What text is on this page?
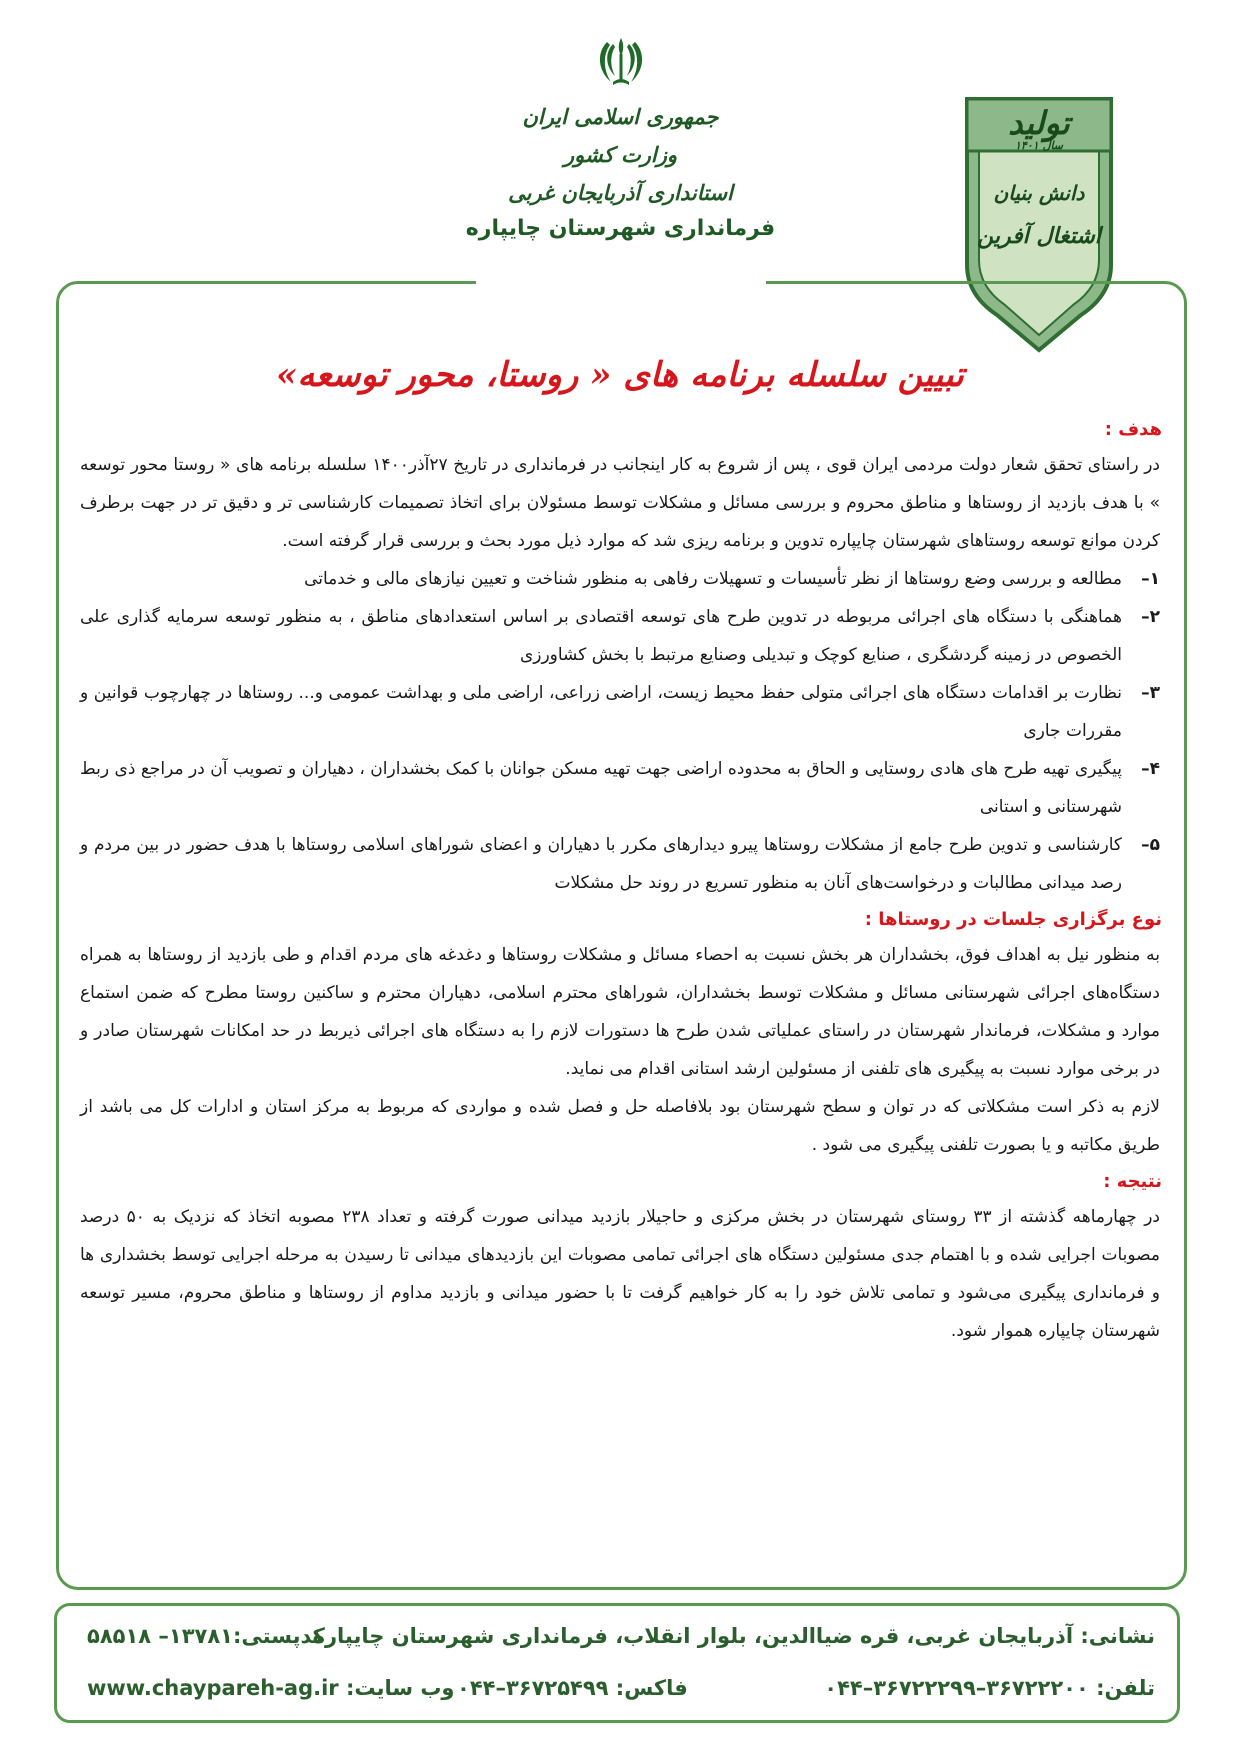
جمهوری اسلامی ایران
وزارت کشور
استانداری آذربایجان غربی
فرمانداری شهرستان چایپاره
تولید
سال ۱۴۰۱
دانش بنیان
اشتغال آفرین
تبیین سلسله برنامه های « روستا، محور توسعه»
هدف :
در راستای تحقق شعار دولت مردمی ایران قوی ، پس از شروع به کار اینجانب در فرمانداری در تاریخ ۲۷آذر۱۴۰۰ سلسله برنامه های « روستا محور توسعه » با هدف بازدید از روستاها و مناطق محروم و بررسی مسائل و مشکلات توسط مسئولان برای اتخاذ تصمیمات کارشناسی تر و دقیق تر در جهت برطرف کردن موانع توسعه روستاهای شهرستان چایپاره تدوین و برنامه ریزی شد که موارد ذیل مورد بحث و بررسی قرار گرفته است.
۱–
مطالعه و بررسی وضع روستاها از نظر تأسیسات و تسهیلات رفاهی به منظور شناخت و تعیین نیازهای مالی و خدماتی
۲–
هماهنگی با دستگاه های اجرائی مربوطه در تدوین طرح های توسعه اقتصادی بر اساس استعدادهای مناطق ، به منظور توسعه سرمایه گذاری علی الخصوص در زمینه گردشگری ، صنایع کوچک و تبدیلی وصنایع مرتبط با بخش کشاورزی
۳–
نظارت بر اقدامات دستگاه های اجرائی متولی حفظ محیط زیست، اراضی زراعی، اراضی ملی و بهداشت عمومی و... روستاها در چهارچوب قوانین و مقررات جاری
۴–
پیگیری تهیه طرح های هادی روستایی و الحاق به محدوده اراضی جهت تهیه مسکن جوانان با کمک بخشداران ، دهیاران و تصویب آن در مراجع ذی ربط شهرستانی و استانی
۵–
کارشناسی و تدوین طرح جامع از مشکلات روستاها پیرو دیدارهای مکرر با دهیاران و اعضای شوراهای اسلامی روستاها با هدف حضور در بین مردم و رصد میدانی مطالبات و درخواست‌های آنان به منظور تسریع در روند حل مشکلات
نوع برگزاری جلسات در روستاها :
به منظور نیل به اهداف فوق، بخشداران هر بخش نسبت به احصاء مسائل و مشکلات روستاها و دغدغه های مردم اقدام و طی بازدید از روستاها به همراه دستگاه‌های اجرائی شهرستانی مسائل و مشکلات توسط بخشداران، شوراهای محترم اسلامی، دهیاران محترم و ساکنین روستا مطرح که ضمن استماع موارد و مشکلات، فرماندار شهرستان در راستای عملیاتی شدن طرح ها دستورات لازم را به دستگاه های اجرائی ذیربط در حد امکانات شهرستان صادر و در برخی موارد نسبت به پیگیری های تلفنی از مسئولین ارشد استانی اقدام می نماید.
لازم به ذکر است مشکلاتی که در توان و سطح شهرستان بود بلافاصله حل و فصل شده و مواردی که مربوط به مرکز استان و ادارات کل می باشد از طریق مکاتبه و یا بصورت تلفنی پیگیری می شود .
نتیجه :
در چهارماهه گذشته از ۳۳ روستای شهرستان در بخش مرکزی و حاجیلار بازدید میدانی صورت گرفته و تعداد ۲۳۸ مصوبه اتخاذ که نزدیک به ۵۰ درصد مصوبات اجرایی شده و با اهتمام جدی مسئولین دستگاه های اجرائی تمامی مصوبات این بازدیدهای میدانی تا رسیدن به مرحله اجرایی توسط بخشداری ها و فرمانداری پیگیری می‌شود و تمامی تلاش خود را به کار خواهیم گرفت تا با حضور میدانی و بازدید مداوم از روستاها و مناطق محروم، مسیر توسعه شهرستان چایپاره هموار شود.
نشانی: آذربایجان غربی، قره ضیاالدین، بلوار انقلاب، فرمانداری شهرستان چایپاره
کدپستی:۱۳۷۸۱– ۵۸۵۱۸
تلفن: ۳۶۷۲۲۲۰۰–۳۶۷۲۲۲۹۹–۰۴۴
فاکس: ۳۶۷۲۵۴۹۹–۰۴۴
www.chaypareh-ag.ir وب سایت:
